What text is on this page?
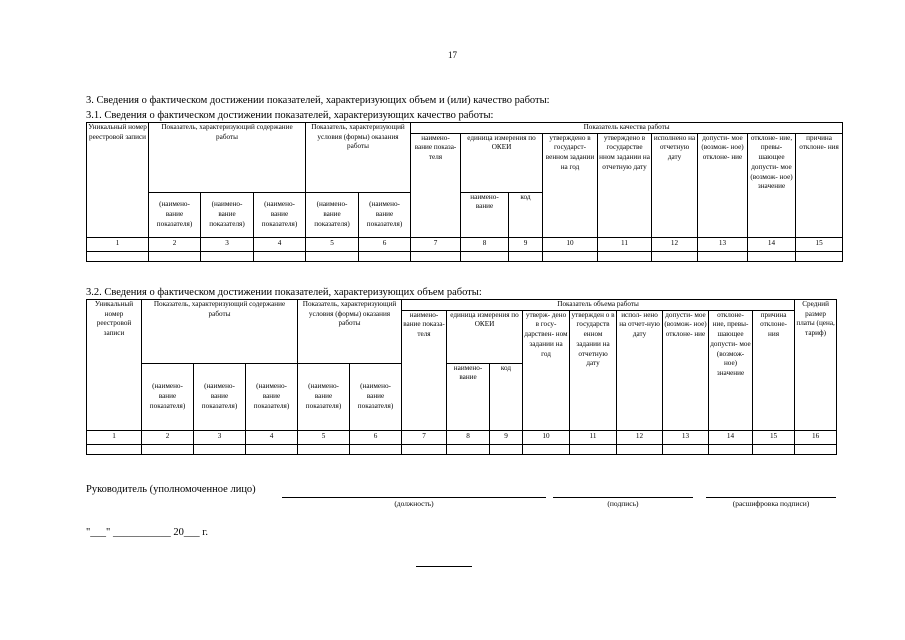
17
3. Сведения о фактическом достижении показателей, характеризующих объем и (или) качество работы:
3.1. Сведения о фактическом достижении показателей, характеризующих качество работы:
Уникальный номер реестровой записи	Показатель, характеризующий содержание работы			Показатель, характеризующий условия (формы) оказания работы		Показатель качества работы								
						наимено- вание показа- теля	единица измерения по ОКЕИ		утверждено в государст- венном задании на год	утверждено в государстве нном задании на отчетную дату	исполнено на отчетную дату	допусти- мое (возмож- ное) отклоне- ние	отклоне- ние, превы- шающее допусти- мое (возмож- ное) значение	причина отклоне- ния
	(наимено- вание показателя)	(наимено- вание показателя)	(наимено- вание показателя)	(наимено- вание показателя)	(наимено- вание показателя)		наимено- вание	код						
1	2	3	4	5	6	7	8	9	10	11	12	13	14	15

3.2. Сведения о фактическом достижении показателей, характеризующих объем работы:
Уникальный номер реестровой записи	Показатель, характеризующий содержание работы			Показатель, характеризующий условия (формы) оказания работы		Показатель объема работы									Средний размер платы (цена, тариф)
						наимено- вание показа- теля	единица измерения по ОКЕИ		утверж- дено в госу- дарствен- ном задании на год	утвержден о в государств енном задании на отчетную дату	испол- нено на отчет-ную дату	допусти- мое (возмож- ное) отклоне- ние	отклоне- ние, превы- шающее допусти- мое (возмож- ное) значение	причина отклоне- ния	
	(наимено- вание показателя)	(наимено- вание показателя)	(наимено- вание показателя)	(наимено- вание показателя)	(наимено- вание показателя)		наимено- вание	код							
1	2	3	4	5	6	7	8	9	10	11	12	13	14	15	16

Руководитель (уполномоченное лицо)
(должность)	(подпись)	(расшифровка подписи)
"___" ___________ 20___ г.
